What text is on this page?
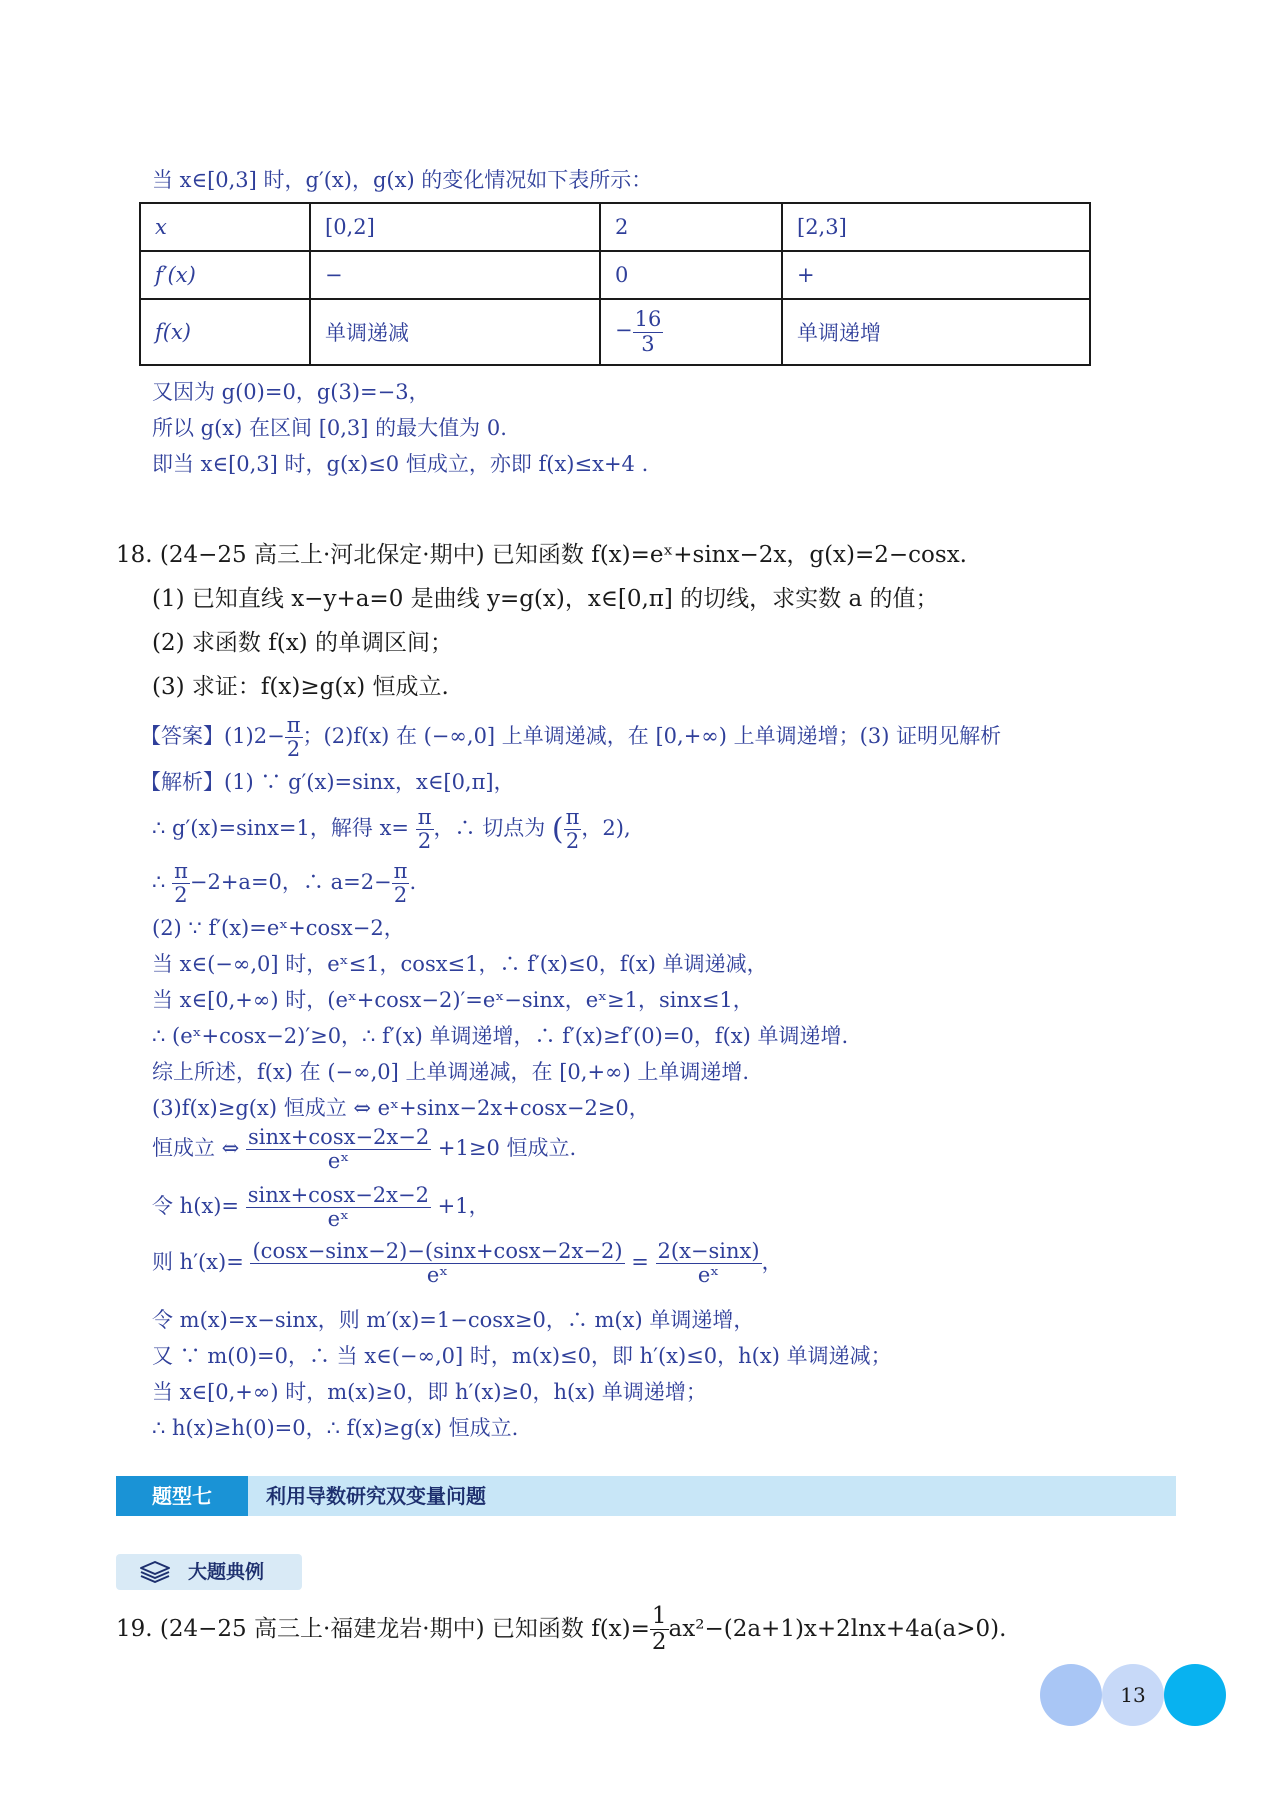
当 x∈[0,3] 时，g′(x)，g(x) 的变化情况如下表所示：
x	[0,2]	2	[2,3]
f′(x)	−	0	+
f(x)	单调递减	− $\frac{16}{3}$	单调递增
又因为 g(0)=0，g(3)=−3，
所以 g(x) 在区间 [0,3] 的最大值为 0.
即当 x∈[0,3] 时，g(x)≤0 恒成立，亦即 f(x)≤x+4 .
18. (24−25 高三上·河北保定·期中) 已知函数 f(x)=eˣ+sinx−2x，g(x)=2−cosx.
(1) 已知直线 x−y+a=0 是曲线 y=g(x)，x∈[0,π] 的切线，求实数 a 的值；
(2) 求函数 f(x) 的单调区间；
(3) 求证：f(x)≥g(x) 恒成立.
【答案】$(1)2- \frac{\pi}{2}$ ；(2)f(x) 在 (−∞,0] 上单调递减，在 [0,+∞) 上单调递增；(3) 证明见解析
【解析】(1) ∵ g′(x)=sinx，x∈[0,π]，
∴ g′(x)=sinx=1，解得 $x= \frac{\pi}{2}$ ，∴ 切点为 ( $\frac{\pi}{2}$ ，2),
∴ $\frac{\pi}{2} -2+a=0$，∴ $a=2- \frac{\pi}{2}$ .
(2) ∵ f′(x)=eˣ+cosx−2，
当 x∈(−∞,0] 时，eˣ≤1，cosx≤1，∴ f′(x)≤0，f(x) 单调递减，
当 x∈[0,+∞) 时，(eˣ+cosx−2)′=eˣ−sinx，eˣ≥1，sinx≤1，
∴ (eˣ+cosx−2)′≥0，∴ f′(x) 单调递增，∴ f′(x)≥f′(0)=0，f(x) 单调递增.
综上所述，f(x) 在 (−∞,0] 上单调递减，在 [0,+∞) 上单调递增.
(3)f(x)≥g(x) 恒成立 ⇔ eˣ+sinx−2x+cosx−2≥0，
恒成立 ⇔ $\frac{\sin x+\cos x-2x-2}{\text{eˣ}} +1\ge 0$ 恒成立.
令 $h(x)= \frac{\sin x+\cos x-2x-2}{\text{eˣ}} +1$，
则 $h'(x)= \frac{(\cos x-\sin x-2)-(\sin x+\cos x-2x-2)}{\text{eˣ}} = \frac{2(x-\sin x)}{\text{eˣ}}$ ，
令 m(x)=x−sinx，则 m′(x)=1−cosx≥0，∴ m(x) 单调递增，
又 ∵ m(0)=0，∴ 当 x∈(−∞,0] 时，m(x)≤0，即 h′(x)≤0，h(x) 单调递减；
当 x∈[0,+∞) 时，m(x)≥0，即 h′(x)≥0，h(x) 单调递增；
∴ h(x)≥h(0)=0，∴ f(x)≥g(x) 恒成立.
题型七	利用导数研究双变量问题
大题典例
19. (24−25 高三上·福建龙岩·期中) 已知函数 $f(x)= \frac{1}{2} ax^2-(2a+1)x+2\ln x+4a(a>0)$.
13
